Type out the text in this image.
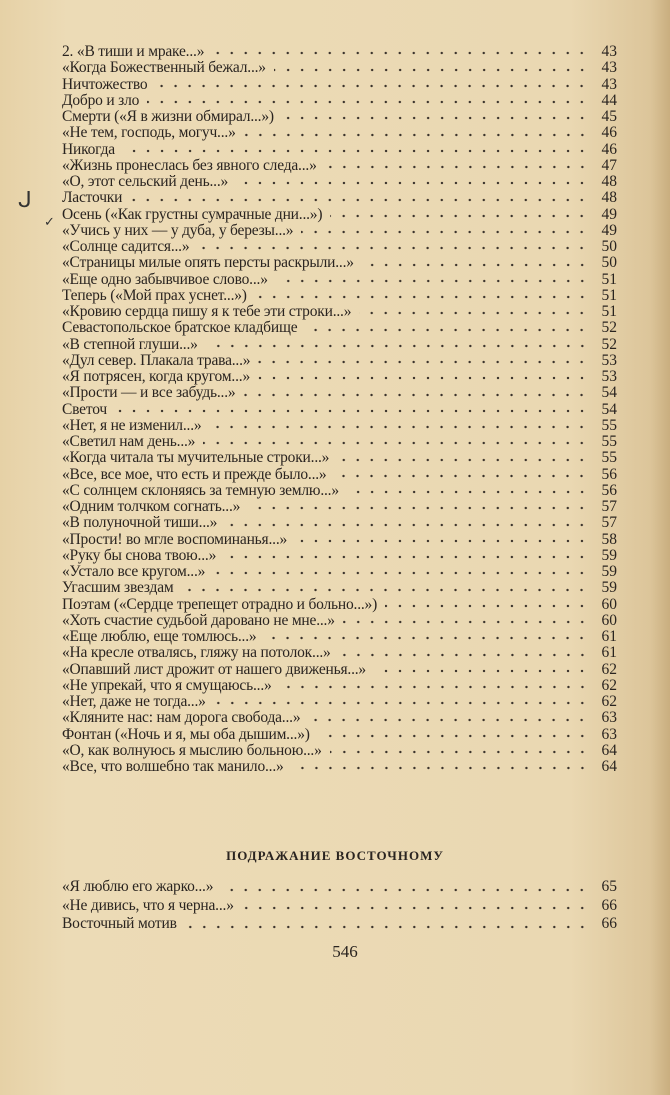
ᒍ
✓
2. «В тиши и мраке...»	43
«Когда Божественный бежал...»	43
Ничтожество	43
Добро и зло	44
Смерти («Я в жизни обмирал...»)	45
«Не тем, господь, могуч...»	46
Никогда	46
«Жизнь пронеслась без явного следа...»	47
«О, этот сельский день...»	48
Ласточки	48
Осень («Как грустны сумрачные дни...»)	49
«Учись у них — у дуба, у березы...»	49
«Солнце садится...»	50
«Страницы милые опять персты раскрыли...»	50
«Еще одно забывчивое слово...»	51
Теперь («Мой прах уснет...»)	51
«Кровию сердца пишу я к тебе эти строки...»	51
Севастопольское братское кладбище	52
«В степной глуши...»	52
«Дул север. Плакала трава...»	53
«Я потрясен, когда кругом...»	53
«Прости — и все забудь...»	54
Светоч	54
«Нет, я не изменил...»	55
«Светил нам день...»	55
«Когда читала ты мучительные строки...»	55
«Все, все мое, что есть и прежде было...»	56
«С солнцем склоняясь за темную землю...»	56
«Одним толчком согнать...»	57
«В полуночной тиши...»	57
«Прости! во мгле воспоминанья...»	58
«Руку бы снова твою...»	59
«Устало все кругом...»	59
Угасшим звездам	59
Поэтам («Сердце трепещет отрадно и больно...»)	60
«Хоть счастие судьбой даровано не мне...»	60
«Еще люблю, еще томлюсь...»	61
«На кресле отвалясь, гляжу на потолок...»	61
«Опавший лист дрожит от нашего движенья...»	62
«Не упрекай, что я смущаюсь...»	62
«Нет, даже не тогда...»	62
«Кляните нас: нам дорога свобода...»	63
Фонтан («Ночь и я, мы оба дышим...»)	63
«О, как волнуюсь я мыслию больною...»	64
«Все, что волшебно так манило...»	64
ПОДРАЖАНИЕ ВОСТОЧНОМУ
«Я люблю его жарко...»	65
«Не дивись, что я черна...»	66
Восточный мотив	66
546
